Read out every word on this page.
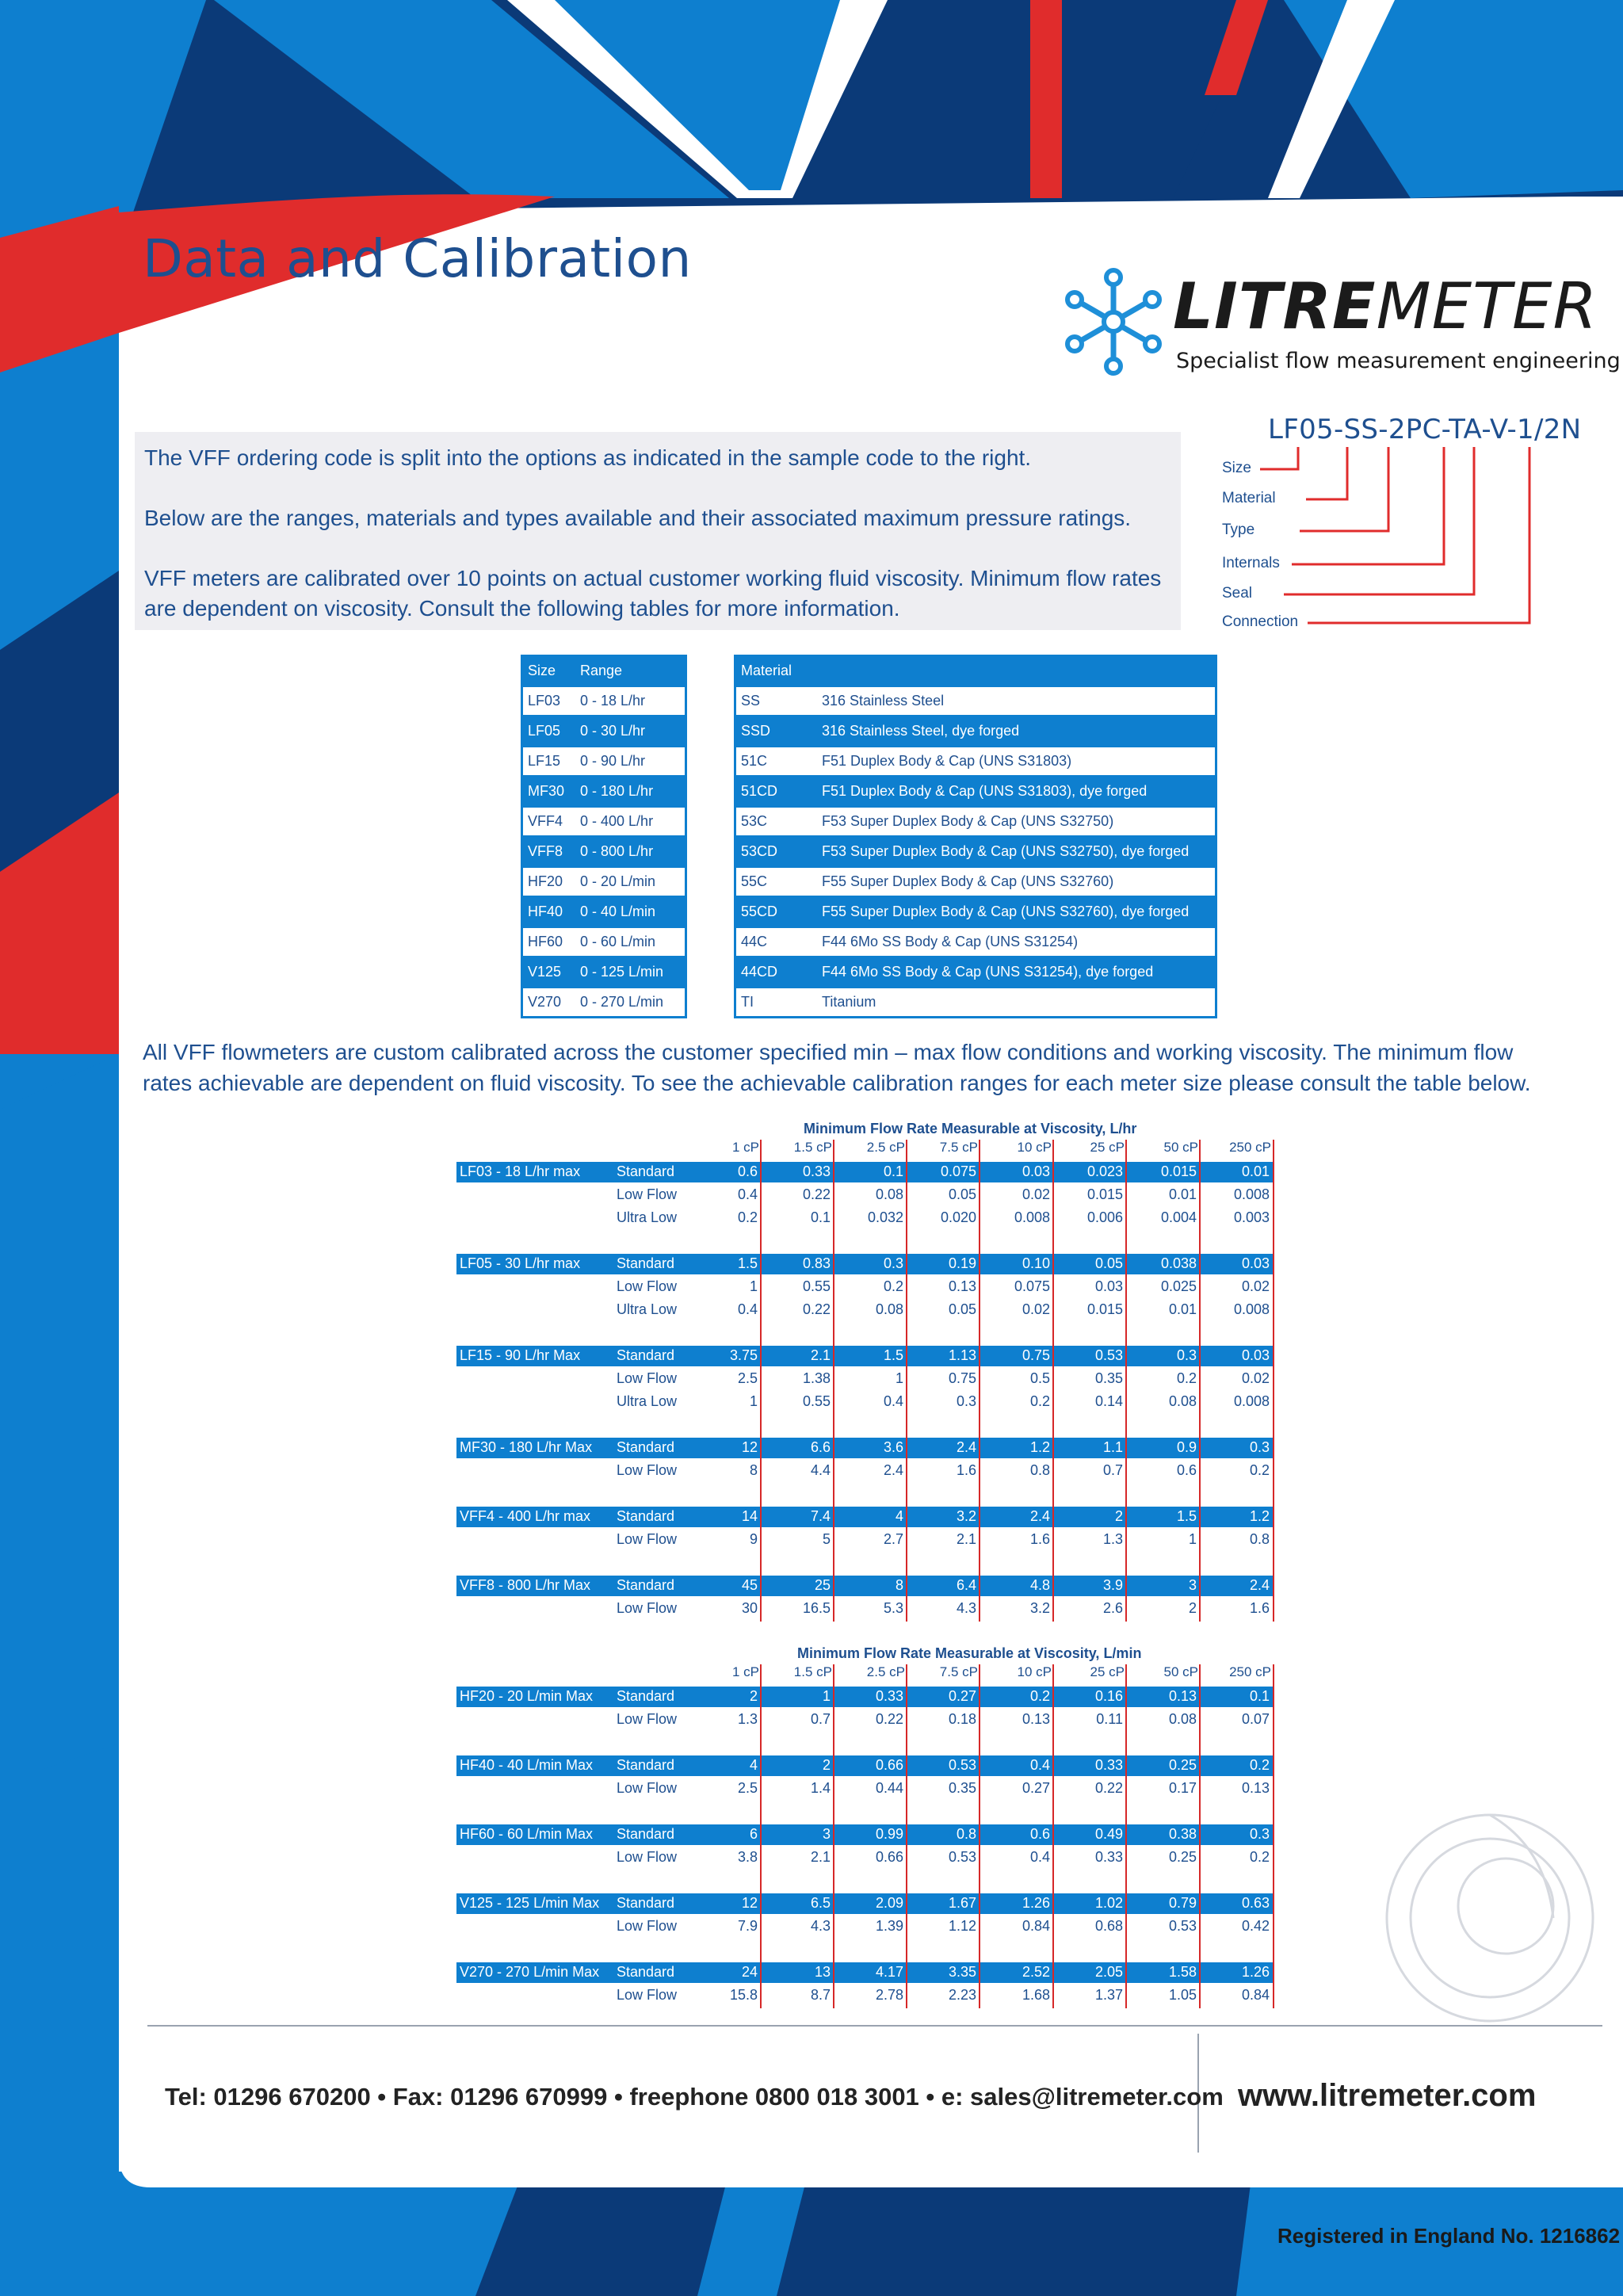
Data and Calibration
LITREMETER
Specialist flow measurement engineering

The VFF ordering code is split into the options as indicated in the sample code to the right.

Below are the ranges, materials and types available and their associated maximum pressure ratings.

VFF meters are calibrated over 10 points on actual customer working fluid viscosity. Minimum flow rates are dependent on viscosity. Consult the following tables for more information.

LF05-SS-2PC-TA-V-1/2N
Size
Material
Type
Internals
Seal
Connection
Size	Range
LF03	0 - 18 L/hr
LF05	0 - 30 L/hr
LF15	0 - 90 L/hr
MF30	0 - 180 L/hr
VFF4	0 - 400 L/hr
VFF8	0 - 800 L/hr
HF20	0 - 20 L/min
HF40	0 - 40 L/min
HF60	0 - 60 L/min
V125	0 - 125 L/min
V270	0 - 270 L/min
Material	
SS	316 Stainless Steel
SSD	316 Stainless Steel, dye forged
51C	F51 Duplex Body & Cap (UNS S31803)
51CD	F51 Duplex Body & Cap (UNS S31803), dye forged
53C	F53 Super Duplex Body & Cap (UNS S32750)
53CD	F53 Super Duplex Body & Cap (UNS S32750), dye forged
55C	F55 Super Duplex Body & Cap (UNS S32760)
55CD	F55 Super Duplex Body & Cap (UNS S32760), dye forged
44C	F44 6Mo SS Body & Cap (UNS S31254)
44CD	F44 6Mo SS Body & Cap (UNS S31254), dye forged
TI	Titanium
All VFF flowmeters are custom calibrated across the customer specified min – max flow conditions and working viscosity. The minimum flow rates achievable are dependent on fluid viscosity. To see the achievable calibration ranges for each meter size please consult the table below.
Minimum Flow Rate Measurable at Viscosity, L/hr
1 cP	1.5 cP	2.5 cP	7.5 cP	10 cP	25 cP	50 cP	250 cP
LF03 - 18 L/hr max	Standard	0.6	0.33	0.1	0.075	0.03	0.023	0.015	0.01
Low Flow	0.4	0.22	0.08	0.05	0.02	0.015	0.01	0.008
Ultra Low	0.2	0.1	0.032	0.020	0.008	0.006	0.004	0.003
LF05 - 30 L/hr max	Standard	1.5	0.83	0.3	0.19	0.10	0.05	0.038	0.03
Low Flow	1	0.55	0.2	0.13	0.075	0.03	0.025	0.02
Ultra Low	0.4	0.22	0.08	0.05	0.02	0.015	0.01	0.008
LF15 - 90 L/hr Max	Standard	3.75	2.1	1.5	1.13	0.75	0.53	0.3	0.03
Low Flow	2.5	1.38	1	0.75	0.5	0.35	0.2	0.02
Ultra Low	1	0.55	0.4	0.3	0.2	0.14	0.08	0.008
MF30 - 180 L/hr Max Standard	12	6.6	3.6	2.4	1.2	1.1	0.9	0.3
Low Flow	8	4.4	2.4	1.6	0.8	0.7	0.6	0.2
VFF4 - 400 L/hr max Standard	14	7.4	4	3.2	2.4	2	1.5	1.2
Low Flow	9	5	2.7	2.1	1.6	1.3	1	0.8
VFF8 - 800 L/hr Max Standard	45	25	8	6.4	4.8	3.9	3	2.4
Low Flow	30	16.5	5.3	4.3	3.2	2.6	2	1.6
Minimum Flow Rate Measurable at Viscosity, L/min
1 cP	1.5 cP	2.5 cP	7.5 cP	10 cP	25 cP	50 cP	250 cP
HF20 - 20 L/min Max Standard	2	1	0.33	0.27	0.2	0.16	0.13	0.1
Low Flow	1.3	0.7	0.22	0.18	0.13	0.11	0.08	0.07
HF40 - 40 L/min Max Standard	4	2	0.66	0.53	0.4	0.33	0.25	0.2
Low Flow	2.5	1.4	0.44	0.35	0.27	0.22	0.17	0.13
HF60 - 60 L/min Max Standard	6	3	0.99	0.8	0.6	0.49	0.38	0.3
Low Flow	3.8	2.1	0.66	0.53	0.4	0.33	0.25	0.2
V125 - 125 L/min Max Standard	12	6.5	2.09	1.67	1.26	1.02	0.79	0.63
Low Flow	7.9	4.3	1.39	1.12	0.84	0.68	0.53	0.42
V270 - 270 L/min Max Standard	24	13	4.17	3.35	2.52	2.05	1.58	1.26
Low Flow	15.8	8.7	2.78	2.23	1.68	1.37	1.05	0.84
Tel: 01296 670200 • Fax: 01296 670999 • freephone 0800 018 3001 • e: sales@litremeter.com www.litremeter.com
Registered in England No. 1216862
